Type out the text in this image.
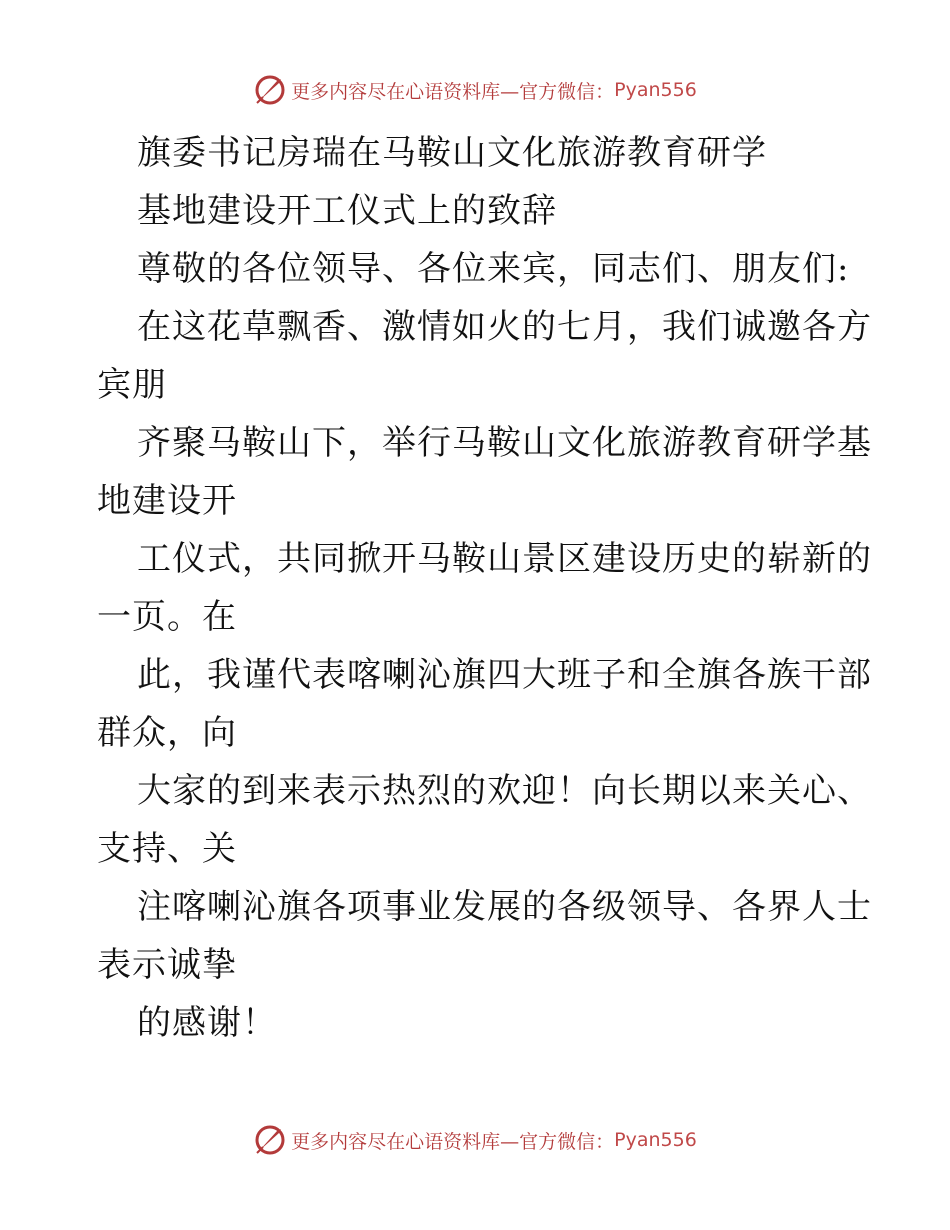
更多内容尽在心语资料库—官方微信： Pyan556
旗委书记房瑞在马鞍山文化旅游教育研学
基地建设开工仪式上的致辞
尊敬的各位领导、各位来宾，同志们、朋友们:
在这花草飘香、激情如火的七月，我们诚邀各方
宾朋
齐聚马鞍山下，举行马鞍山文化旅游教育研学基
地建设开
工仪式，共同掀开马鞍山景区建设历史的崭新的
一页。在
此，我谨代表喀喇沁旗四大班子和全旗各族干部
群众，向
大家的到来表示热烈的欢迎！向长期以来关心、
支持、关
注喀喇沁旗各项事业发展的各级领导、各界人士
表示诚挚
的感谢！
更多内容尽在心语资料库—官方微信： Pyan556
